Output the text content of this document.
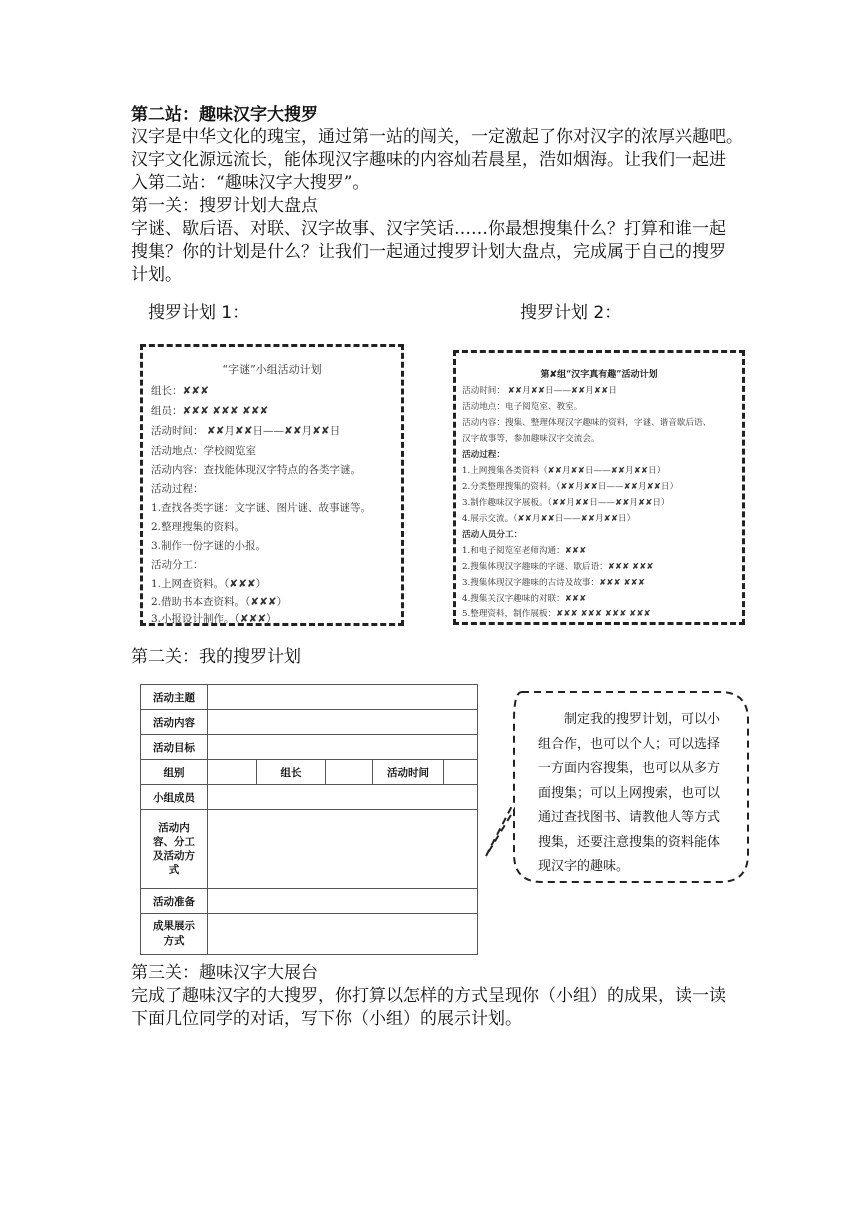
第二站：趣味汉字大搜罗
汉字是中华文化的瑰宝，通过第一站的闯关，一定激起了你对汉字的浓厚兴趣吧。
汉字文化源远流长，能体现汉字趣味的内容灿若晨星，浩如烟海。让我们一起进
入第二站：“趣味汉字大搜罗”。
第一关：搜罗计划大盘点
字谜、歇后语、对联、汉字故事、汉字笑话……你最想搜集什么？打算和谁一起
搜集？你的计划是什么？让我们一起通过搜罗计划大盘点，完成属于自己的搜罗
计划。
搜罗计划 1：	搜罗计划 2：
“字谜”小组活动计划
组长：✘✘✘
组员：✘✘✘ ✘✘✘ ✘✘✘
活动时间： ✘✘月✘✘日——✘✘月✘✘日
活动地点：学校阅览室
活动内容：查找能体现汉字特点的各类字谜。
活动过程：
1.查找各类字谜：文字谜、图片谜、故事谜等。
2.整理搜集的资料。
3.制作一份字谜的小报。
活动分工：
1.上网查资料。（✘✘✘）
2.借助书本查资料。（✘✘✘）
3.小报设计制作。（✘✘✘）
第✘组“汉字真有趣”活动计划
活动时间： ✘✘月✘✘日——✘✘月✘✘日
活动地点：电子阅览室、教室。
活动内容：搜集、整理体现汉字趣味的资料，字谜、谐音歇后语、
汉字故事等，参加趣味汉字交流会。
活动过程：
1.上网搜集各类资料（✘✘月✘✘日——✘✘月✘✘日）
2.分类整理搜集的资料。（✘✘月✘✘日——✘✘月✘✘日）
3.制作趣味汉字展板。（✘✘月✘✘日——✘✘月✘✘日）
4.展示交流。（✘✘月✘✘日——✘✘月✘✘日）
活动人员分工：
1.和电子阅览室老师沟通：✘✘✘
2.搜集体现汉字趣味的字谜、歇后语：✘✘✘ ✘✘✘
3.搜集体现汉字趣味的古诗及故事：✘✘✘ ✘✘✘
4.搜集关汉字趣味的对联：✘✘✘
5.整理资料，制作展板：✘✘✘ ✘✘✘ ✘✘✘ ✘✘✘
第二关：我的搜罗计划
活动主题					
活动内容					
活动目标					
组别		组长		活动时间	
小组成员					
活动内容、分工及活动方式					
活动准备					
成果展示方式					
　　制定我的搜罗计划，可以小组合作，也可以个人；可以选择一方面内容搜集，也可以从多方面搜集；可以上网搜索，也可以通过查找图书、请教他人等方式搜集，还要注意搜集的资料能体现汉字的趣味。
第三关：趣味汉字大展台
完成了趣味汉字的大搜罗，你打算以怎样的方式呈现你（小组）的成果，读一读
下面几位同学的对话，写下你（小组）的展示计划。
